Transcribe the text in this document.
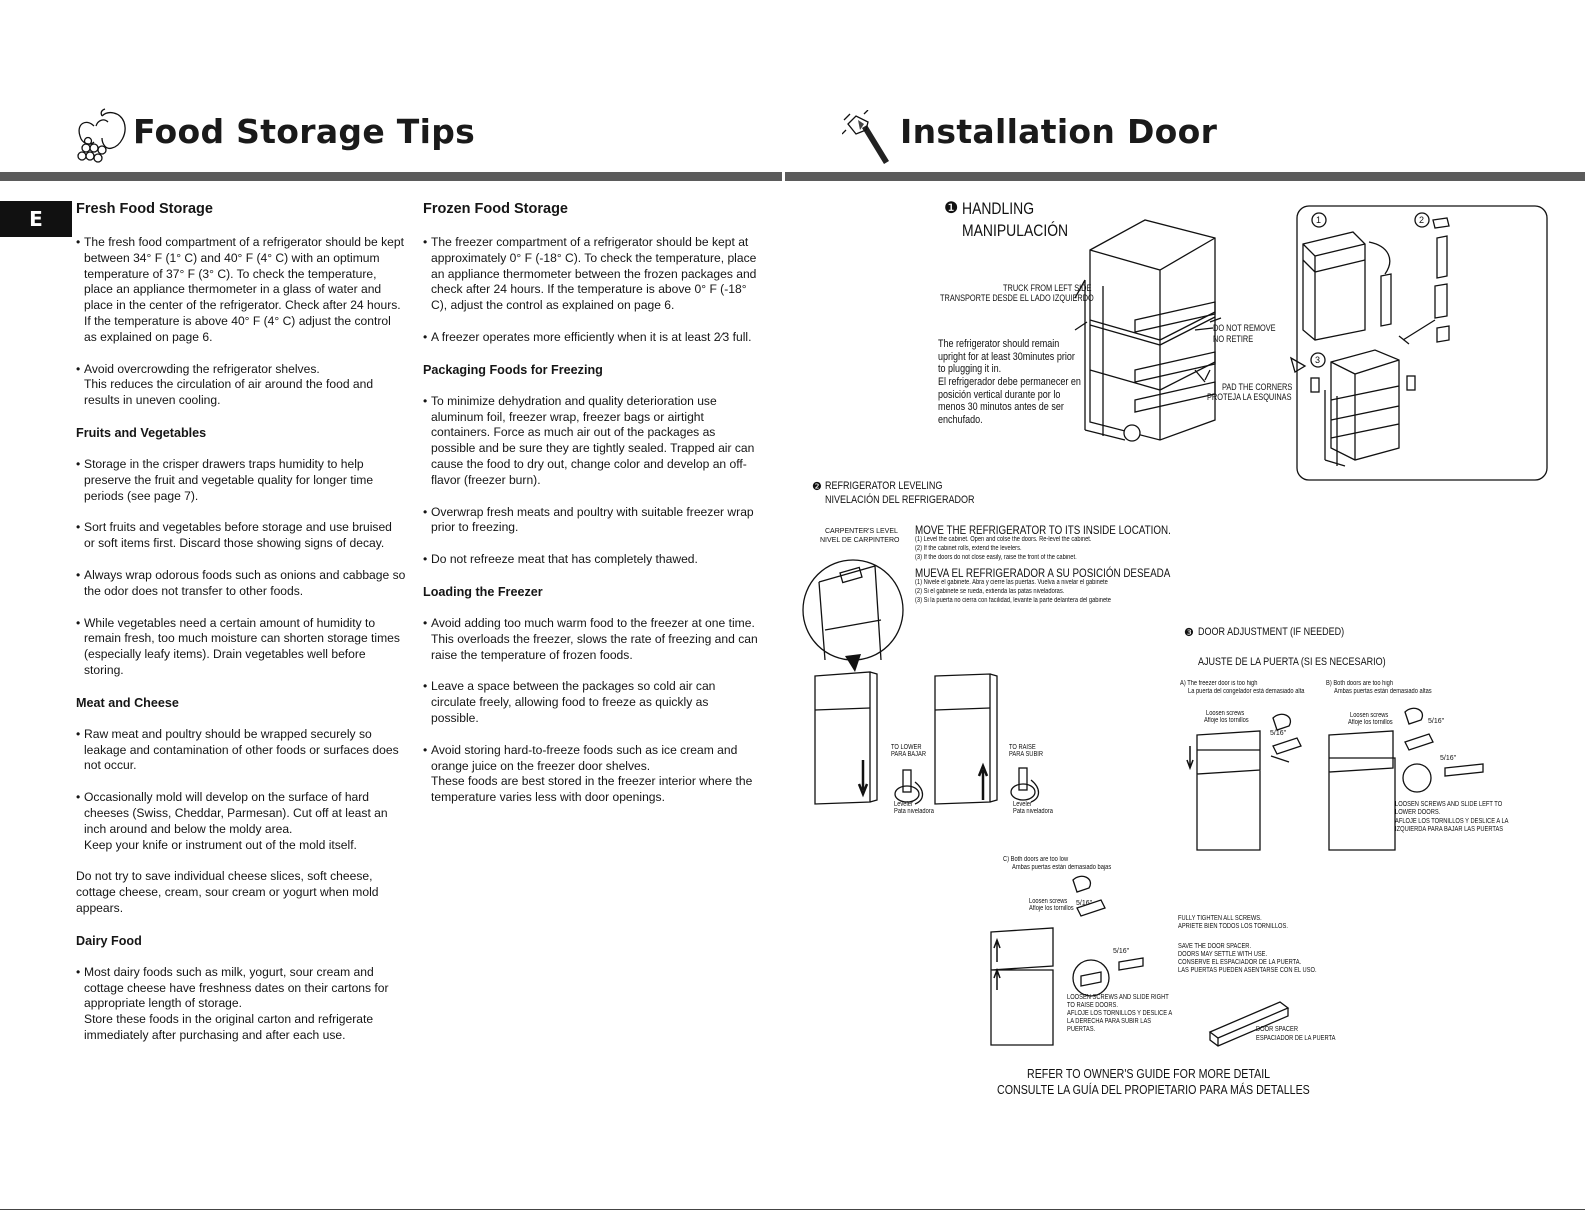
Food Storage Tips	Installation Door
E	Fresh Food Storage
• The fresh food compartment of a refrigerator should be kept between 34° F (1° C) and 40° F (4° C) with an optimum temperature of 37° F (3° C). To check the temperature, place an appliance thermometer in a glass of water and place in the center of the refrigerator. Check after 24 hours.
If the temperature is above 40° F (4° C) adjust the control as explained on page 6.
• Avoid overcrowding the refrigerator shelves.
This reduces the circulation of air around the food and results in uneven cooling.
Fruits and Vegetables
• Storage in the crisper drawers traps humidity to help preserve the fruit and vegetable quality for longer time periods (see page 7).
• Sort fruits and vegetables before storage and use bruised or soft items first. Discard those showing signs of decay.
• Always wrap odorous foods such as onions and cabbage so the odor does not transfer to other foods.
• While vegetables need a certain amount of humidity to remain fresh, too much moisture can shorten storage times (especially leafy items). Drain vegetables well before storing.
Meat and Cheese
• Raw meat and poultry should be wrapped securely so leakage and contamination of other foods or surfaces does not occur.
• Occasionally mold will develop on the surface of hard cheeses (Swiss, Cheddar, Parmesan). Cut off at least an inch around and below the moldy area.
Keep your knife or instrument out of the mold itself.

Do not try to save individual cheese slices, soft cheese, cottage cheese, cream, sour cream or yogurt when mold appears.

Dairy Food
• Most dairy foods such as milk, yogurt, sour cream and cottage cheese have freshness dates on their cartons for appropriate length of storage.
Store these foods in the original carton and refrigerate immediately after purchasing and after each use.
Frozen Food Storage
• The freezer compartment of a refrigerator should be kept at approximately 0° F (-18° C). To check the temperature, place an appliance thermometer between the frozen packages and check after 24 hours. If the temperature is above 0° F (-18° C), adjust the control as explained on page 6.
• A freezer operates more efficiently when it is at least 2⁄3 full.
Packaging Foods for Freezing
• To minimize dehydration and quality deterioration use aluminum foil, freezer wrap, freezer bags or airtight containers. Force as much air out of the packages as possible and be sure they are tightly sealed. Trapped air can cause the food to dry out, change color and develop an off-flavor (freezer burn).
• Overwrap fresh meats and poultry with suitable freezer wrap prior to freezing.
• Do not refreeze meat that has completely thawed.
Loading the Freezer
• Avoid adding too much warm food to the freezer at one time. This overloads the freezer, slows the rate of freezing and can raise the temperature of frozen foods.
• Leave a space between the packages so cold air can circulate freely, allowing food to freeze as quickly as possible.
• Avoid storing hard-to-freeze foods such as ice cream and orange juice on the freezer door shelves.
These foods are best stored in the freezer interior where the temperature varies less with door openings.
❶ HANDLING
MANIPULACIÓN
TRUCK FROM LEFT SIDE
TRANSPORTE DESDE EL LADO IZQUIERDO
The refrigerator should remain upright for at least 30minutes prior to plugging it in.
El refrigerador debe permanecer en posición vertical durante por lo menos 30 minutos antes de ser enchufado.
DO NOT REMOVE
NO RETIRE
PAD THE CORNERS
PROTEJA LA ESQUINAS
1	2
3
❷ REFRIGERATOR LEVELING
NIVELACIÓN DEL REFRIGERADOR
CARPENTER'S LEVEL
NIVEL DE CARPINTERO
MOVE THE REFRIGERATOR TO ITS INSIDE LOCATION.
(1) Level the cabinet. Open and colse the doors. Re-level the cabinet.
(2) If the cabinet rolls, extend the levelers.
(3) If the doors do not close easily, raise the front of the cabinet.
MUEVA EL REFRIGERADOR A SU POSICIÓN DESEADA
(1) Nivele el gabinete. Abra y cierre las puertas. Vuelva a nivelar el gabinete
(2) Si el gabinete se rueda, extienda las patas niveladoras.
(3) Si la puerta no cierra con facilidad, levante la parte delantera del gabinete
TO LOWER
PARA BAJAR
TO RAISE
PARA SUBIR
Leveler
Pata niveladora
Leveler
Pata niveladora
❸ DOOR ADJUSTMENT (IF NEEDED)
AJUSTE DE LA PUERTA (SI ES NECESARIO)
A) The freezer door is too high
La puerta del congelador está demasiado alta
B) Both doors are too high
Ambas puertas están demasiado altas
Loosen screws
Afloje los tornillos
5/16"
Loosen screws
Afloje los tornillos	5/16"
5/16"
LOOSEN SCREWS AND SLIDE LEFT TO LOWER DOORS.
AFLOJE LOS TORNILLOS Y DESLICE A LA IZQUIERDA PARA BAJAR LAS PUERTAS
C) Both doors are too low
Ambas puertas están demasiado bajas
Loosen screws
Afloje los tornillos
5/16"
5/16"
LOOSEN SCREWS AND SLIDE RIGHT TO RAISE DOORS.
AFLOJE LOS TORNILLOS Y DESLICE A LA DERECHA PARA SUBIR LAS PUERTAS.
FULLY TIGHTEN ALL SCREWS.
APRIETE BIEN TODOS LOS TORNILLOS.
SAVE THE DOOR SPACER.
DOORS MAY SETTLE WITH USE.
CONSERVE EL ESPACIADOR DE LA PUERTA.
LAS PUERTAS PUEDEN ASENTARSE CON EL USO.
DOOR SPACER
ESPACIADOR DE LA PUERTA
REFER TO OWNER'S GUIDE FOR MORE DETAIL
CONSULTE LA GUÍA DEL PROPIETARIO PARA MÁS DETALLES
